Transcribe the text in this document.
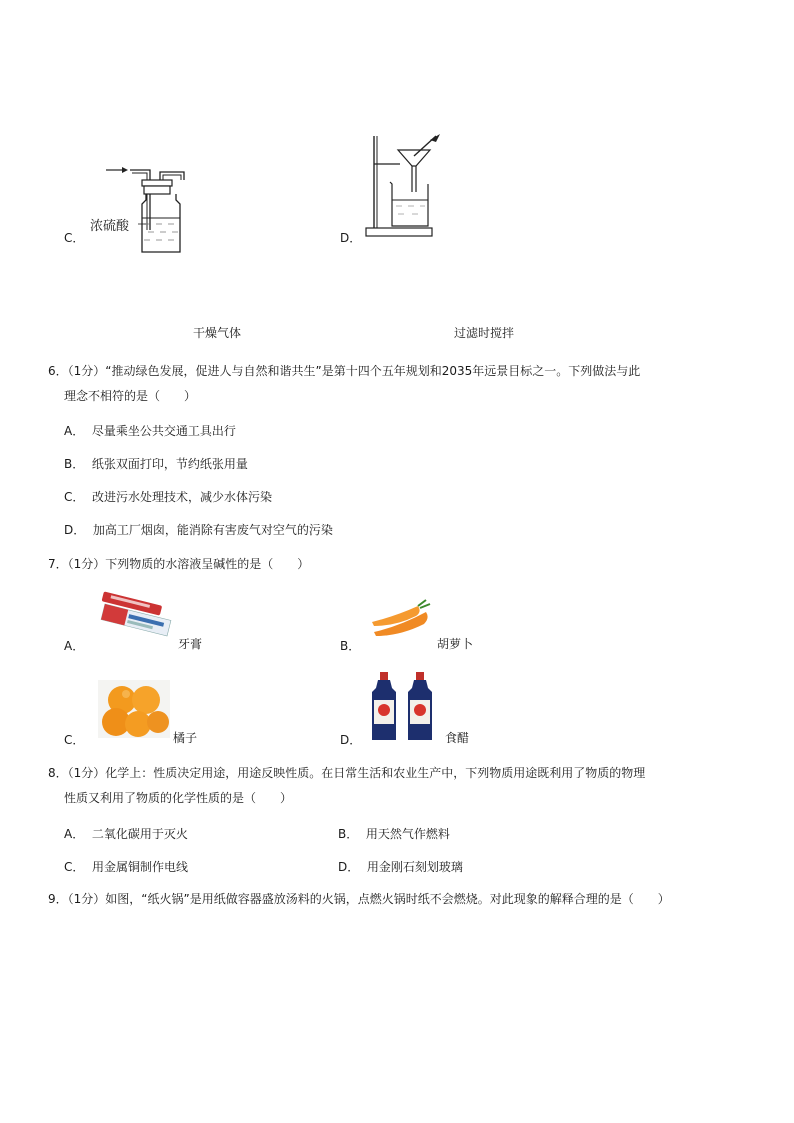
C．
浓硫酸
D．
干燥气体	过滤时搅拌
6．（1分）“推动绿色发展，促进人与自然和谐共生”是第十四个五年规划和2035年远景目标之一。下列做法与此
理念不相符的是（　　）
A． 尽量乘坐公共交通工具出行
B． 纸张双面打印，节约纸张用量
C． 改进污水处理技术，减少水体污染
D． 加高工厂烟囱，能消除有害废气对空气的污染
7．（1分）下列物质的水溶液呈碱性的是（　　）
A．	牙膏	B．	胡萝卜
C．	橘子	D．	食醋
8．（1分）化学上：性质决定用途，用途反映性质。在日常生活和农业生产中，下列物质用途既利用了物质的物理
性质又利用了物质的化学性质的是（　　）
A． 二氧化碳用于灭火	B． 用天然气作燃料
C． 用金属铜制作电线	D． 用金刚石刻划玻璃
9．（1分）如图，“纸火锅”是用纸做容器盛放汤料的火锅，点燃火锅时纸不会燃烧。对此现象的解释合理的是（　　）
